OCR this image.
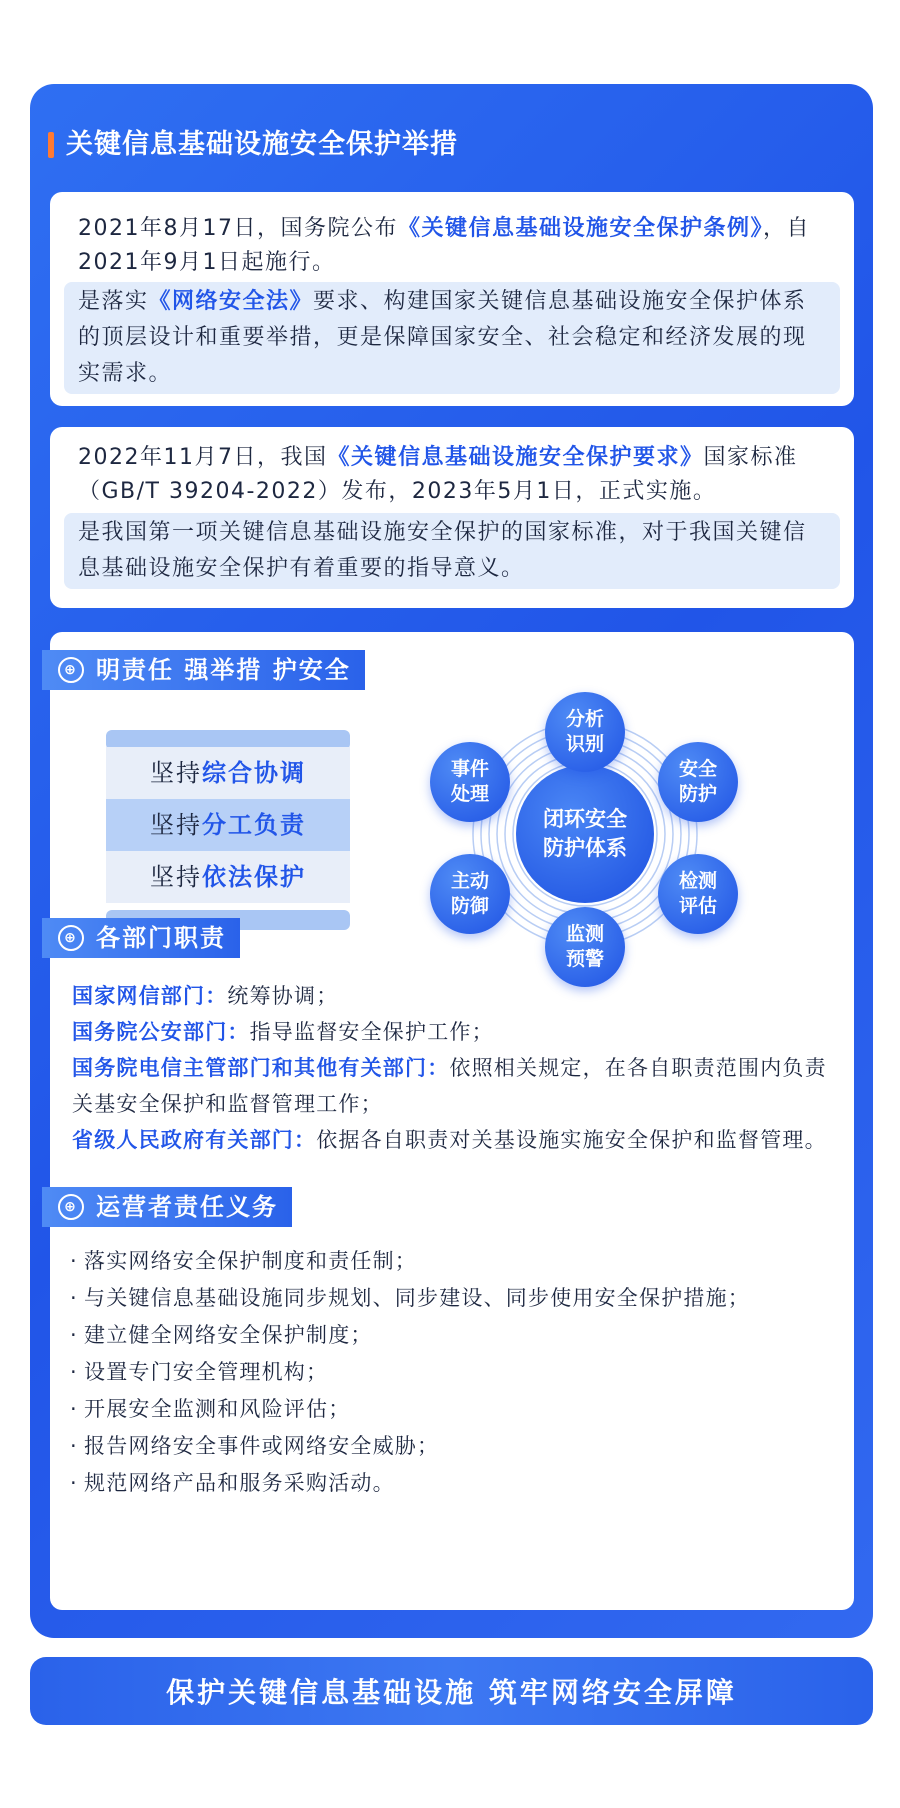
关键信息基础设施安全保护举措
2021年8月17日，国务院公布《关键信息基础设施安全保护条例》，自2021年9月1日起施行。
是落实《网络安全法》要求、构建国家关键信息基础设施安全保护体系的顶层设计和重要举措，更是保障国家安全、社会稳定和经济发展的现实需求。
2022年11月7日，我国《关键信息基础设施安全保护要求》国家标准（GB/T 39204-2022）发布，2023年5月1日，正式实施。
是我国第一项关键信息基础设施安全保护的国家标准，对于我国关键信息基础设施安全保护有着重要的指导意义。
⊕ 明责任 强举措 护安全
坚持综合协调
坚持分工负责
坚持依法保护
闭环安全防护体系
分析识别
安全防护
检测评估
监测预警
主动防御
事件处理
⊕ 各部门职责
国家网信部门：统筹协调；
国务院公安部门：指导监督安全保护工作；
国务院电信主管部门和其他有关部门：依照相关规定，在各自职责范围内负责关基安全保护和监督管理工作；
省级人民政府有关部门：依据各自职责对关基设施实施安全保护和监督管理。
⊕ 运营者责任义务
· 落实网络安全保护制度和责任制；
· 与关键信息基础设施同步规划、同步建设、同步使用安全保护措施；
· 建立健全网络安全保护制度；
· 设置专门安全管理机构；
· 开展安全监测和风险评估；
· 报告网络安全事件或网络安全威胁；
· 规范网络产品和服务采购活动。
保护关键信息基础设施 筑牢网络安全屏障
